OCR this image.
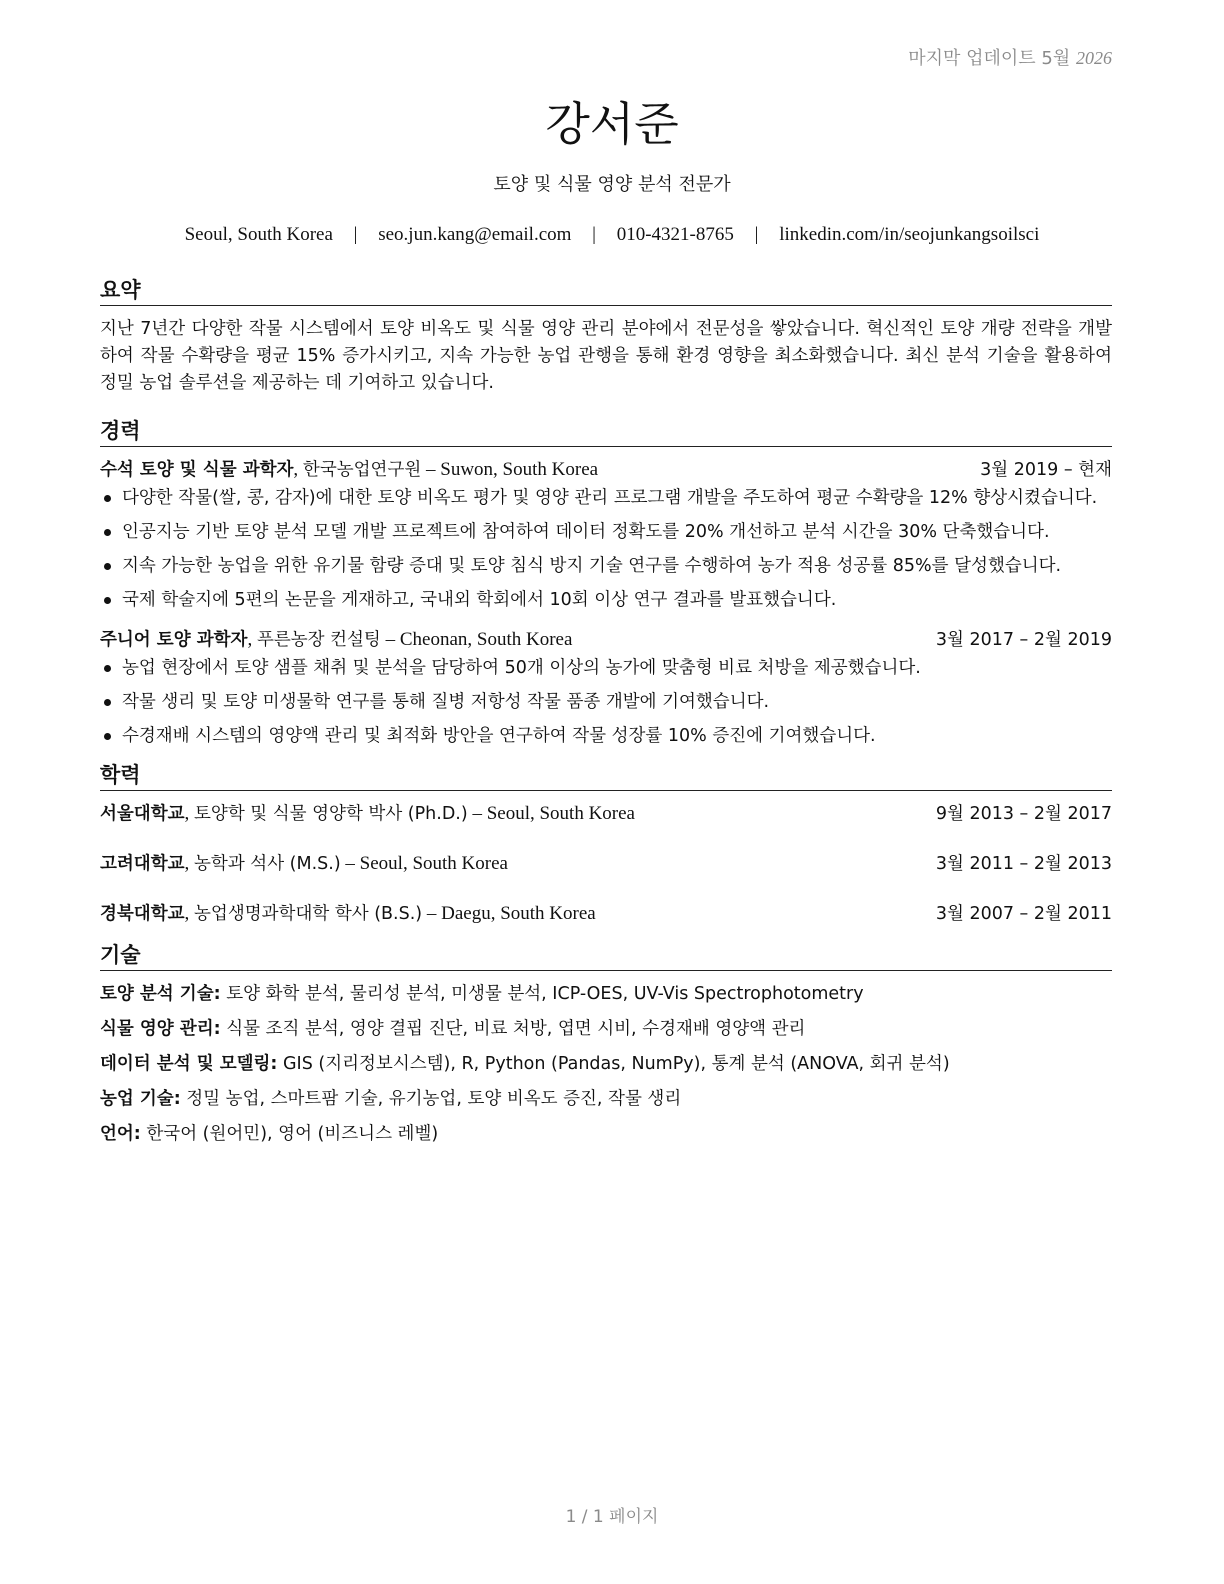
마지막 업데이트 5월 2026
강서준
토양 및 식물 영양 분석 전문가
Seoul, South Korea | seo.jun.kang@email.com | 010-4321-8765 | linkedin.com/in/seojunkangsoilsci
요약
지난 7년간 다양한 작물 시스템에서 토양 비옥도 및 식물 영양 관리 분야에서 전문성을 쌓았습니다. 혁신적인 토양 개량 전략을 개발하여 작물 수확량을 평균 15% 증가시키고, 지속 가능한 농업 관행을 통해 환경 영향을 최소화했습니다. 최신 분석 기술을 활용하여 정밀 농업 솔루션을 제공하는 데 기여하고 있습니다.
경력
수석 토양 및 식물 과학자, 한국농업연구원 – Suwon, South Korea	3월 2019 – 현재
다양한 작물(쌀, 콩, 감자)에 대한 토양 비옥도 평가 및 영양 관리 프로그램 개발을 주도하여 평균 수확량을 12% 향상시켰습니다.
인공지능 기반 토양 분석 모델 개발 프로젝트에 참여하여 데이터 정확도를 20% 개선하고 분석 시간을 30% 단축했습니다.
지속 가능한 농업을 위한 유기물 함량 증대 및 토양 침식 방지 기술 연구를 수행하여 농가 적용 성공률 85%를 달성했습니다.
국제 학술지에 5편의 논문을 게재하고, 국내외 학회에서 10회 이상 연구 결과를 발표했습니다.
주니어 토양 과학자, 푸른농장 컨설팅 – Cheonan, South Korea	3월 2017 – 2월 2019
농업 현장에서 토양 샘플 채취 및 분석을 담당하여 50개 이상의 농가에 맞춤형 비료 처방을 제공했습니다.
작물 생리 및 토양 미생물학 연구를 통해 질병 저항성 작물 품종 개발에 기여했습니다.
수경재배 시스템의 영양액 관리 및 최적화 방안을 연구하여 작물 성장률 10% 증진에 기여했습니다.
학력
서울대학교, 토양학 및 식물 영양학 박사 (Ph.D.) – Seoul, South Korea	9월 2013 – 2월 2017
고려대학교, 농학과 석사 (M.S.) – Seoul, South Korea	3월 2011 – 2월 2013
경북대학교, 농업생명과학대학 학사 (B.S.) – Daegu, South Korea	3월 2007 – 2월 2011
기술
토양 분석 기술: 토양 화학 분석, 물리성 분석, 미생물 분석, ICP-OES, UV-Vis Spectrophotometry
식물 영양 관리: 식물 조직 분석, 영양 결핍 진단, 비료 처방, 엽면 시비, 수경재배 영양액 관리
데이터 분석 및 모델링: GIS (지리정보시스템), R, Python (Pandas, NumPy), 통계 분석 (ANOVA, 회귀 분석)
농업 기술: 정밀 농업, 스마트팜 기술, 유기농업, 토양 비옥도 증진, 작물 생리
언어: 한국어 (원어민), 영어 (비즈니스 레벨)
1 / 1 페이지
